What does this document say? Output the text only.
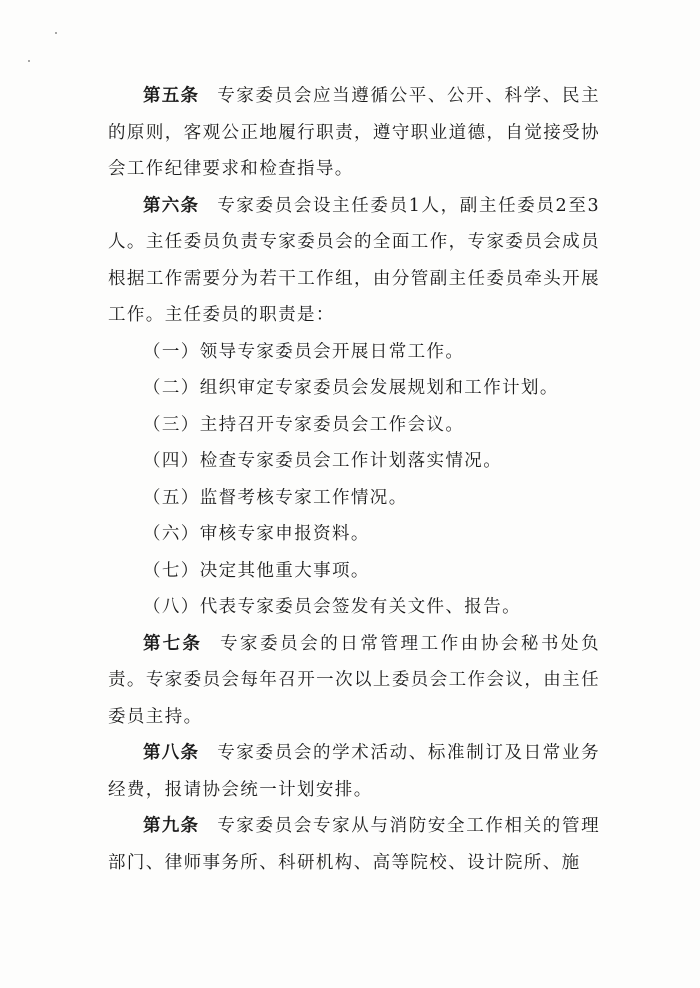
第五条 专家委员会应当遵循公平、公开、科学、民主的原则，客观公正地履行职责，遵守职业道德，自觉接受协会工作纪律要求和检查指导。

第六条 专家委员会设主任委员1人，副主任委员2至3人。主任委员负责专家委员会的全面工作，专家委员会成员根据工作需要分为若干工作组，由分管副主任委员牵头开展工作。主任委员的职责是：

（一）领导专家委员会开展日常工作。

（二）组织审定专家委员会发展规划和工作计划。

（三）主持召开专家委员会工作会议。

（四）检查专家委员会工作计划落实情况。

（五）监督考核专家工作情况。

（六）审核专家申报资料。

（七）决定其他重大事项。

（八）代表专家委员会签发有关文件、报告。

第七条 专家委员会的日常管理工作由协会秘书处负责。专家委员会每年召开一次以上委员会工作会议，由主任委员主持。

第八条 专家委员会的学术活动、标准制订及日常业务经费，报请协会统一计划安排。

第九条 专家委员会专家从与消防安全工作相关的管理部门、律师事务所、科研机构、高等院校、设计院所、施
